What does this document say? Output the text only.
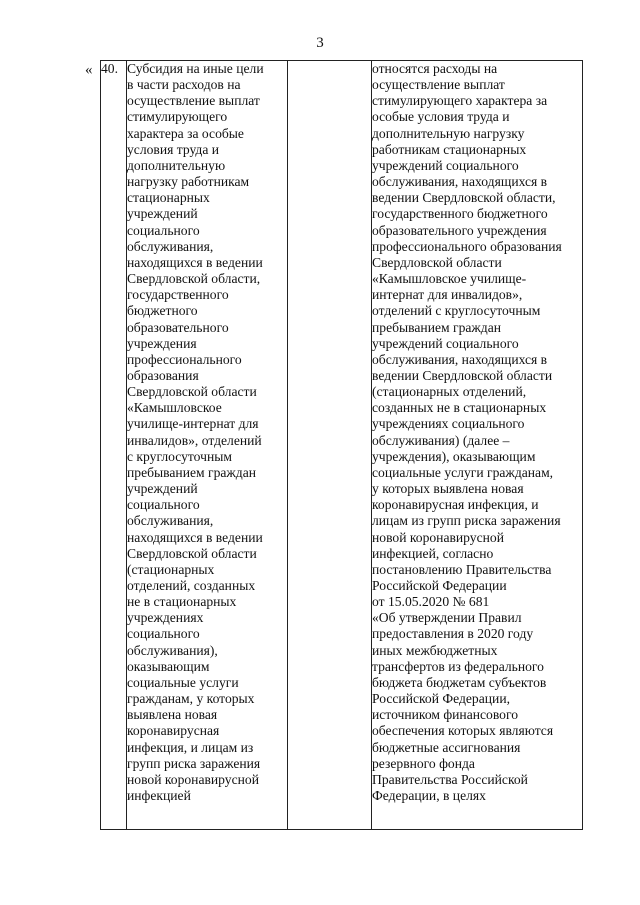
3
« 40.	Субсидия на иные цели
в части расходов на
осуществление выплат
стимулирующего
характера за особые
условия труда и
дополнительную
нагрузку работникам
стационарных
учреждений
социального
обслуживания,
находящихся в ведении
Свердловской области,
государственного
бюджетного
образовательного
учреждения
профессионального
образования
Свердловской области
«Камышловское
училище-интернат для
инвалидов», отделений
с круглосуточным
пребыванием граждан
учреждений
социального
обслуживания,
находящихся в ведении
Свердловской области
(стационарных
отделений, созданных
не в стационарных
учреждениях
социального
обслуживания),
оказывающим
социальные услуги
гражданам, у которых
выявлена новая
коронавирусная
инфекция, и лицам из
групп риска заражения
новой коронавирусной
инфекцией

относятся расходы на
осуществление выплат
стимулирующего характера за
особые условия труда и
дополнительную нагрузку
работникам стационарных
учреждений социального
обслуживания, находящихся в
ведении Свердловской области,
государственного бюджетного
образовательного учреждения
профессионального образования
Свердловской области
«Камышловское училище-
интернат для инвалидов»,
отделений с круглосуточным
пребыванием граждан
учреждений социального
обслуживания, находящихся в
ведении Свердловской области
(стационарных отделений,
созданных не в стационарных
учреждениях социального
обслуживания) (далее –
учреждения), оказывающим
социальные услуги гражданам,
у которых выявлена новая
коронавирусная инфекция, и
лицам из групп риска заражения
новой коронавирусной
инфекцией, согласно
постановлению Правительства
Российской Федерации
от 15.05.2020 № 681
«Об утверждении Правил
предоставления в 2020 году
иных межбюджетных
трансфертов из федерального
бюджета бюджетам субъектов
Российской Федерации,
источником финансового
обеспечения которых являются
бюджетные ассигнования
резервного фонда
Правительства Российской
Федерации, в целях
